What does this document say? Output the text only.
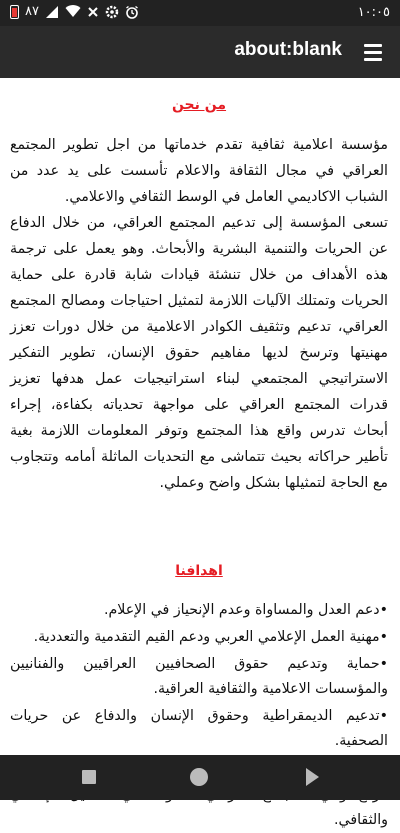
٨٧	١٠:٠٥
about:blank
من نحن

مؤسسة اعلامية ثقافية تقدم خدماتها من اجل تطوير المجتمع العراقي في مجال الثقافة والاعلام تأسست على يد عدد من الشباب الاكاديمي العامل في الوسط الثقافي والاعلامي.

تسعى المؤسسة إلى تدعيم المجتمع العراقي، من خلال الدفاع عن الحريات والتنمية البشرية والأبحاث. وهو يعمل على ترجمة هذه الأهداف من خلال تنشئة قيادات شابة قادرة على حماية الحريات وتمتلك الآليات اللازمة لتمثيل احتياجات ومصالح المجتمع العراقي، تدعيم وتثقيف الكوادر الاعلامية من خلال دورات تعزز مهنيتها وترسخ لديها مفاهيم حقوق الإنسان، تطوير التفكير الاستراتيجي المجتمعي لبناء استراتيجيات عمل هدفها تعزيز قدرات المجتمع العراقي على مواجهة تحدياته بكفاءة، إجراء أبحاث تدرس واقع هذا المجتمع وتوفر المعلومات اللازمة بغية تأطير حراكاته بحيث تتماشى مع التحديات الماثلة أمامه وتتجاوب مع الحاجة لتمثيلها بشكل واضح وعملي.

اهدافنا
•دعم العدل والمساواة وعدم الإنحياز في الإعلام.
•مهنية العمل الإعلامي العربي ودعم القيم التقدمية والتعددية.
•حماية وتدعيم حقوق الصحافيين العراقيين والفنانيين والمؤسسات الاعلامية والثقافية العراقية.
•تدعيم الديمقراطية وحقوق الإنسان والدفاع عن حريات الصحفية.
والثقافي.
